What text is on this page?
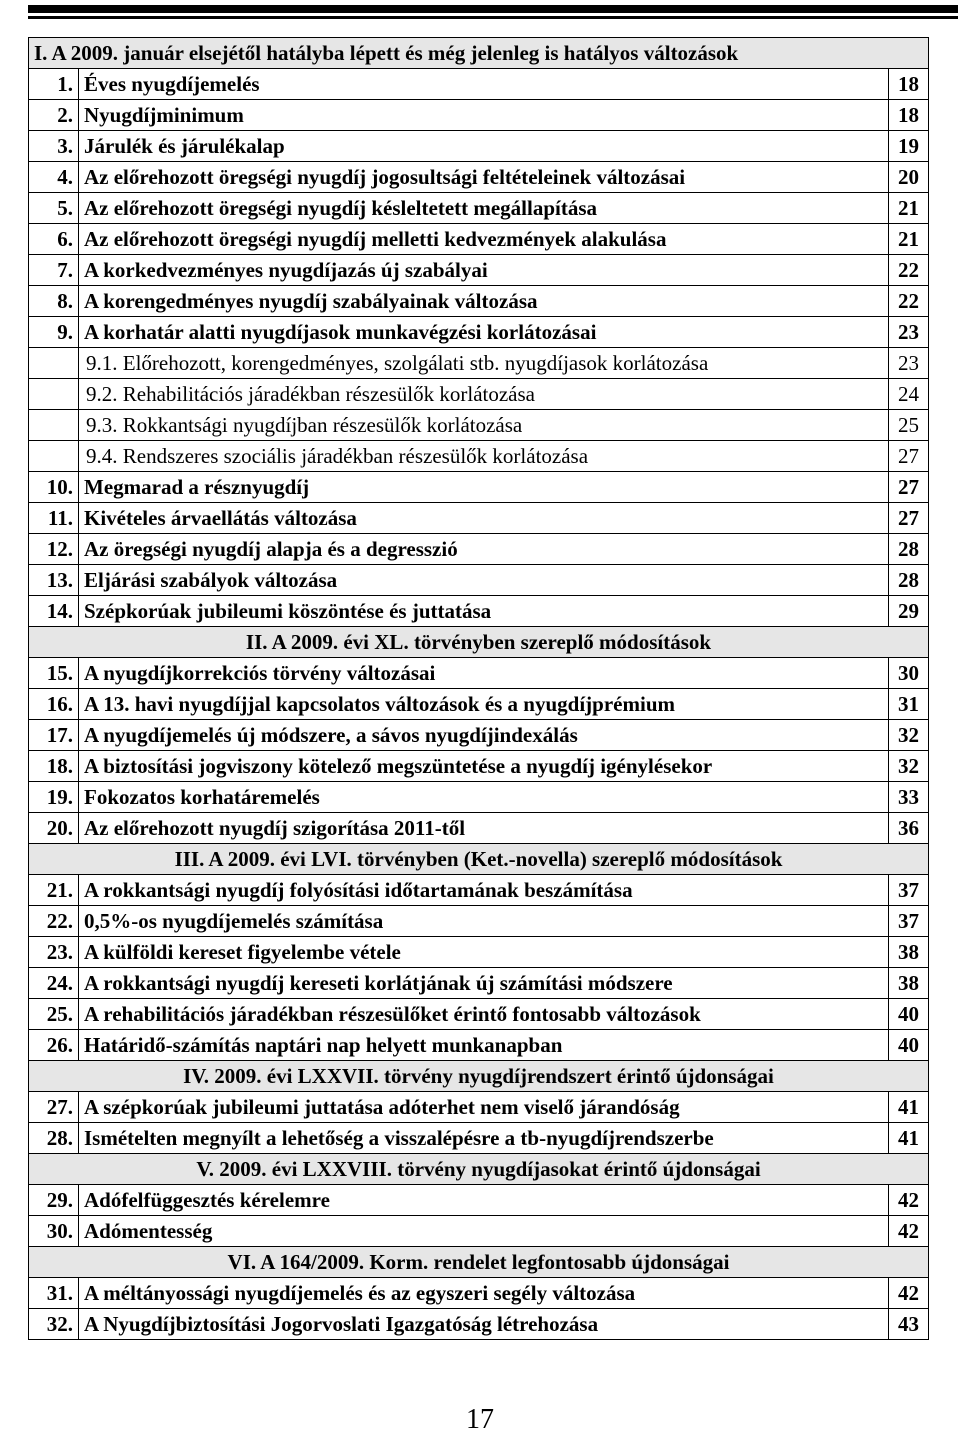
I. A 2009. január elsejétől hatályba lépett és még jelenleg is hatályos változások		
1.	Éves nyugdíjemelés	18
2.	Nyugdíjminimum	18
3.	Járulék és járulékalap	19
4.	Az előrehozott öregségi nyugdíj jogosultsági feltételeinek változásai	20
5.	Az előrehozott öregségi nyugdíj késleltetett megállapítása	21
6.	Az előrehozott öregségi nyugdíj melletti kedvezmények alakulása	21
7.	A korkedvezményes nyugdíjazás új szabályai	22
8.	A korengedményes nyugdíj szabályainak változása	22
9.	A korhatár alatti nyugdíjasok munkavégzési korlátozásai	23
	9.1. Előrehozott, korengedményes, szolgálati stb. nyugdíjasok korlátozása	23
	9.2. Rehabilitációs járadékban részesülők korlátozása	24
	9.3. Rokkantsági nyugdíjban részesülők korlátozása	25
	9.4. Rendszeres szociális járadékban részesülők korlátozása	27
10.	Megmarad a résznyugdíj	27
11.	Kivételes árvaellátás változása	27
12.	Az öregségi nyugdíj alapja és a degresszió	28
13.	Eljárási szabályok változása	28
14.	Szépkorúak jubileumi köszöntése és juttatása	29
II. A 2009. évi XL. törvényben szereplő módosítások		
15.	A nyugdíjkorrekciós törvény változásai	30
16.	A 13. havi nyugdíjjal kapcsolatos változások és a nyugdíjprémium	31
17.	A nyugdíjemelés új módszere, a sávos nyugdíjindexálás	32
18.	A biztosítási jogviszony kötelező megszüntetése a nyugdíj igénylésekor	32
19.	Fokozatos korhatáremelés	33
20.	Az előrehozott nyugdíj szigorítása 2011-től	36
III. A 2009. évi LVI. törvényben (Ket.-novella) szereplő módosítások		
21.	A rokkantsági nyugdíj folyósítási időtartamának beszámítása	37
22.	0,5%-os nyugdíjemelés számítása	37
23.	A külföldi kereset figyelembe vétele	38
24.	A rokkantsági nyugdíj kereseti korlátjának új számítási módszere	38
25.	A rehabilitációs járadékban részesülőket érintő fontosabb változások	40
26.	Határidő-számítás naptári nap helyett munkanapban	40
IV. 2009. évi LXXVII. törvény nyugdíjrendszert érintő újdonságai		
27.	A szépkorúak jubileumi juttatása adóterhet nem viselő járandóság	41
28.	Ismételten megnyílt a lehetőség a visszalépésre a tb-nyugdíjrendszerbe	41
V. 2009. évi LXXVIII. törvény nyugdíjasokat érintő újdonságai		
29.	Adófelfüggesztés kérelemre	42
30.	Adómentesség	42
VI. A 164/2009. Korm. rendelet legfontosabb újdonságai		
31.	A méltányossági nyugdíjemelés és az egyszeri segély változása	42
32.	A Nyugdíjbiztosítási Jogorvoslati Igazgatóság létrehozása	43
17
